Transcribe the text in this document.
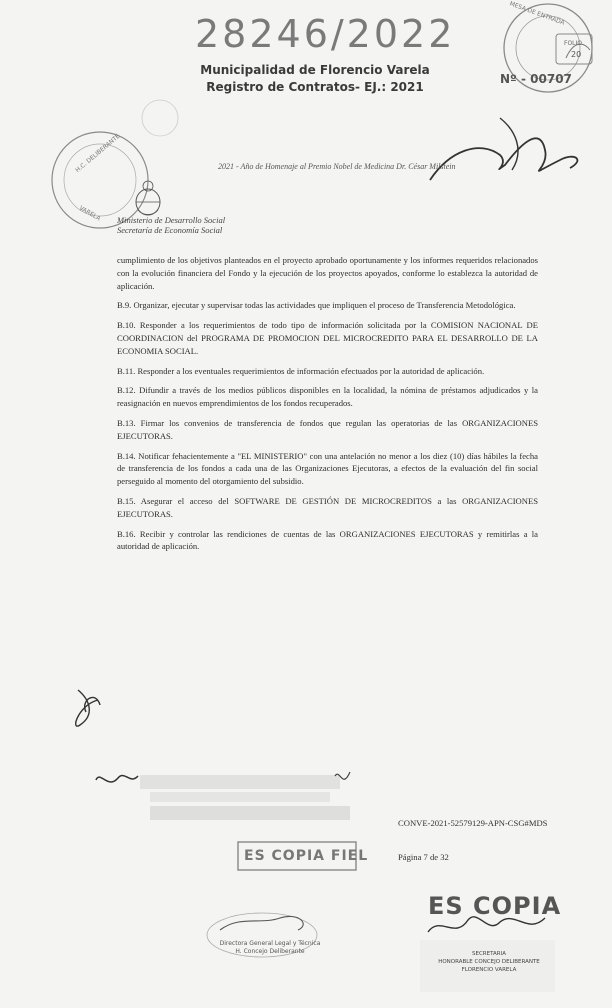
28246/2022
Municipalidad de Florencio Varela
Registro de Contratos- EJ.: 2021
MESA DE ENTRADA
FOLIO
20
Nº - 00707
H.C. DELIBERANTE
VARELA
2021 - Año de Homenaje al Premio Nobel de Medicina Dr. César Milstein
Ministerio de Desarrollo Social
Secretaría de Economía Social

cumplimiento de los objetivos planteados en el proyecto aprobado oportunamente y los informes requeridos relacionados con la evolución financiera del Fondo y la ejecución de los proyectos apoyados, conforme lo establezca la autoridad de aplicación.

B.9. Organizar, ejecutar y supervisar todas las actividades que impliquen el proceso de Transferencia Metodológica.

B.10. Responder a los requerimientos de todo tipo de información solicitada por la COMISION NACIONAL DE COORDINACION del PROGRAMA DE PROMOCION DEL MICROCREDITO PARA EL DESARROLLO DE LA ECONOMIA SOCIAL.

B.11. Responder a los eventuales requerimientos de información efectuados por la autoridad de aplicación.

B.12. Difundir a través de los medios públicos disponibles en la localidad, la nómina de préstamos adjudicados y la reasignación en nuevos emprendimientos de los fondos recuperados.

B.13. Firmar los convenios de transferencia de fondos que regulan las operatorias de las ORGANIZACIONES EJECUTORAS.

B.14. Notificar fehacientemente a "EL MINISTERIO" con una antelación no menor a los diez (10) días hábiles la fecha de transferencia de los fondos a cada una de las Organizaciones Ejecutoras, a efectos de la evaluación del fin social perseguido al momento del otorgamiento del subsidio.

B.15. Asegurar el acceso del SOFTWARE DE GESTIÓN DE MICROCREDITOS a las ORGANIZACIONES EJECUTORAS.

B.16. Recibir y controlar las rendiciones de cuentas de las ORGANIZACIONES EJECUTORAS y remitirlas a la autoridad de aplicación.

CONVE-2021-52579129-APN-CSG#MDS
Página 7 de 32
ES COPIA FIEL
ES COPIA
Directora General Legal y Técnica
H. Concejo Deliberante	SECRETARIA
HONORABLE CONCEJO DELIBERANTE
FLORENCIO VARELA
